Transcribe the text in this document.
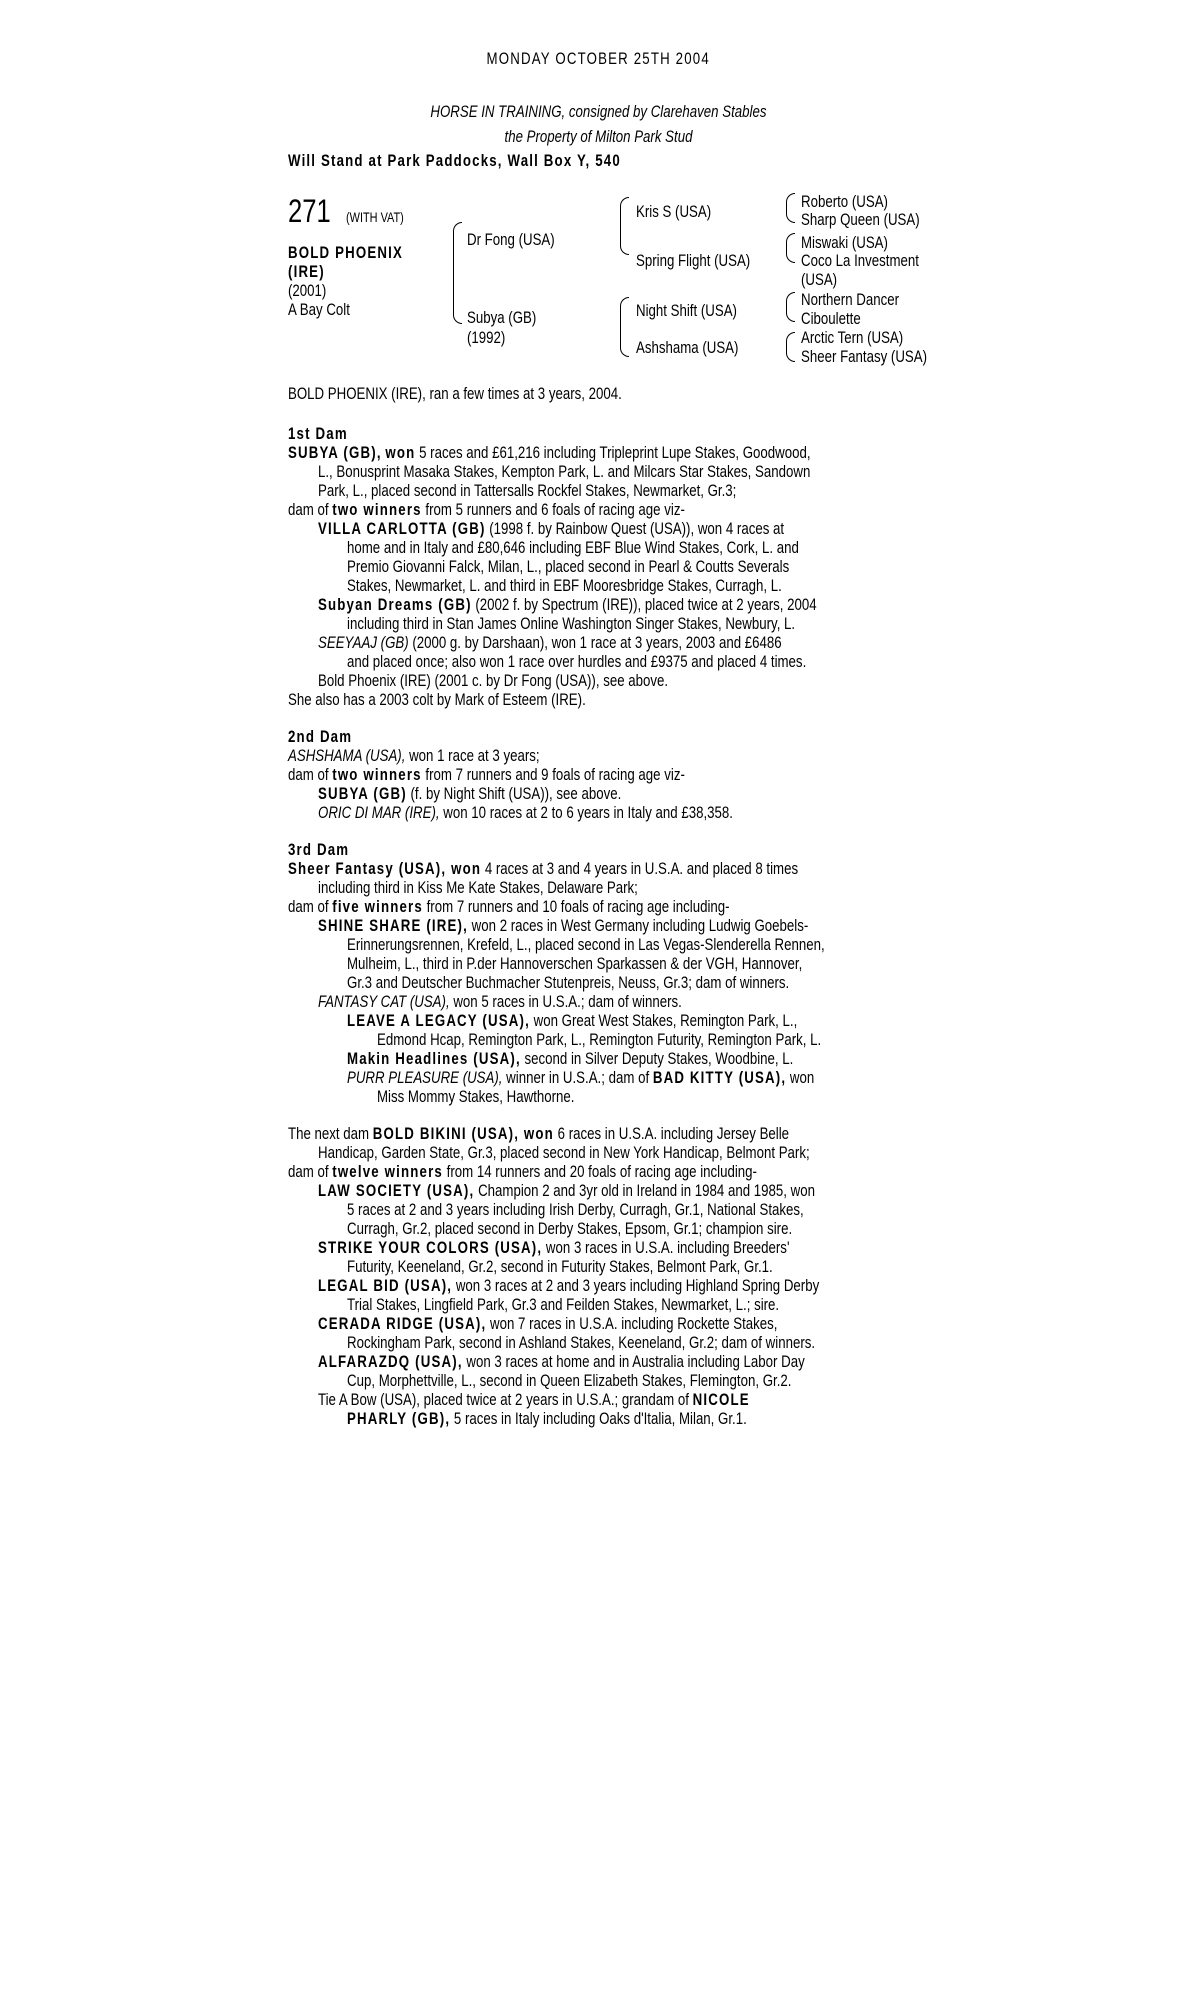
MONDAY OCTOBER 25TH 2004
HORSE IN TRAINING, consigned by Clarehaven Stables
the Property of Milton Park Stud
Will Stand at Park Paddocks, Wall Box Y, 540
271 (WITH VAT)
BOLD PHOENIX
(IRE)
(2001)
A Bay Colt
Dr Fong (USA)
Subya (GB)
(1992)
Kris S (USA)
Spring Flight (USA)
Night Shift (USA)
Ashshama (USA)
Roberto (USA)
Sharp Queen (USA)
Miswaki (USA)
Coco La Investment
(USA)
Northern Dancer
Ciboulette
Arctic Tern (USA)
Sheer Fantasy (USA)
BOLD PHOENIX (IRE), ran a few times at 3 years, 2004.
1st Dam
SUBYA (GB), won 5 races and £61,216 including Tripleprint Lupe Stakes, Goodwood,
L., Bonusprint Masaka Stakes, Kempton Park, L. and Milcars Star Stakes, Sandown
Park, L., placed second in Tattersalls Rockfel Stakes, Newmarket, Gr.3;
dam of two winners from 5 runners and 6 foals of racing age viz-
VILLA CARLOTTA (GB) (1998 f. by Rainbow Quest (USA)), won 4 races at
home and in Italy and £80,646 including EBF Blue Wind Stakes, Cork, L. and
Premio Giovanni Falck, Milan, L., placed second in Pearl & Coutts Severals
Stakes, Newmarket, L. and third in EBF Mooresbridge Stakes, Curragh, L.
Subyan Dreams (GB) (2002 f. by Spectrum (IRE)), placed twice at 2 years, 2004
including third in Stan James Online Washington Singer Stakes, Newbury, L.
SEEYAAJ (GB) (2000 g. by Darshaan), won 1 race at 3 years, 2003 and £6486
and placed once; also won 1 race over hurdles and £9375 and placed 4 times.
Bold Phoenix (IRE) (2001 c. by Dr Fong (USA)), see above.
She also has a 2003 colt by Mark of Esteem (IRE).
2nd Dam
ASHSHAMA (USA), won 1 race at 3 years;
dam of two winners from 7 runners and 9 foals of racing age viz-
SUBYA (GB) (f. by Night Shift (USA)), see above.
ORIC DI MAR (IRE), won 10 races at 2 to 6 years in Italy and £38,358.
3rd Dam
Sheer Fantasy (USA), won 4 races at 3 and 4 years in U.S.A. and placed 8 times
including third in Kiss Me Kate Stakes, Delaware Park;
dam of five winners from 7 runners and 10 foals of racing age including-
SHINE SHARE (IRE), won 2 races in West Germany including Ludwig Goebels-
Erinnerungsrennen, Krefeld, L., placed second in Las Vegas-Slenderella Rennen,
Mulheim, L., third in P.der Hannoverschen Sparkassen & der VGH, Hannover,
Gr.3 and Deutscher Buchmacher Stutenpreis, Neuss, Gr.3; dam of winners.
FANTASY CAT (USA), won 5 races in U.S.A.; dam of winners.
LEAVE A LEGACY (USA), won Great West Stakes, Remington Park, L.,
Edmond Hcap, Remington Park, L., Remington Futurity, Remington Park, L.
Makin Headlines (USA), second in Silver Deputy Stakes, Woodbine, L.
PURR PLEASURE (USA), winner in U.S.A.; dam of BAD KITTY (USA), won
Miss Mommy Stakes, Hawthorne.
The next dam BOLD BIKINI (USA), won 6 races in U.S.A. including Jersey Belle
Handicap, Garden State, Gr.3, placed second in New York Handicap, Belmont Park;
dam of twelve winners from 14 runners and 20 foals of racing age including-
LAW SOCIETY (USA), Champion 2 and 3yr old in Ireland in 1984 and 1985, won
5 races at 2 and 3 years including Irish Derby, Curragh, Gr.1, National Stakes,
Curragh, Gr.2, placed second in Derby Stakes, Epsom, Gr.1; champion sire.
STRIKE YOUR COLORS (USA), won 3 races in U.S.A. including Breeders'
Futurity, Keeneland, Gr.2, second in Futurity Stakes, Belmont Park, Gr.1.
LEGAL BID (USA), won 3 races at 2 and 3 years including Highland Spring Derby
Trial Stakes, Lingfield Park, Gr.3 and Feilden Stakes, Newmarket, L.; sire.
CERADA RIDGE (USA), won 7 races in U.S.A. including Rockette Stakes,
Rockingham Park, second in Ashland Stakes, Keeneland, Gr.2; dam of winners.
ALFARAZDQ (USA), won 3 races at home and in Australia including Labor Day
Cup, Morphettville, L., second in Queen Elizabeth Stakes, Flemington, Gr.2.
Tie A Bow (USA), placed twice at 2 years in U.S.A.; grandam of NICOLE
PHARLY (GB), 5 races in Italy including Oaks d'Italia, Milan, Gr.1.
